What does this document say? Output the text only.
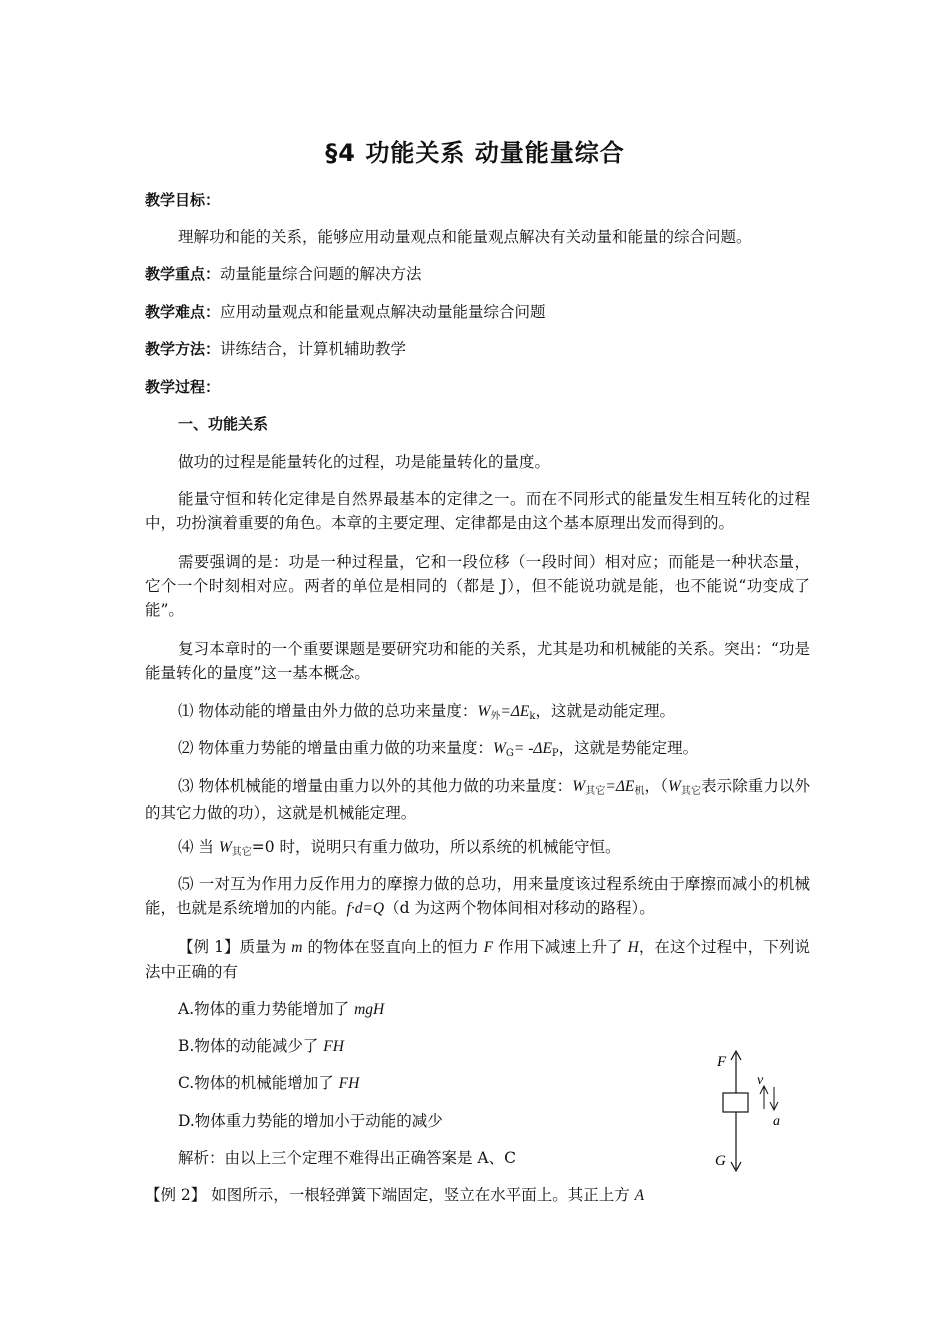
§4 功能关系 动量能量综合
教学目标：
理解功和能的关系，能够应用动量观点和能量观点解决有关动量和能量的综合问题。
教学重点：动量能量综合问题的解决方法
教学难点：应用动量观点和能量观点解决动量能量综合问题
教学方法：讲练结合，计算机辅助教学
教学过程：
一、功能关系
做功的过程是能量转化的过程，功是能量转化的量度。
能量守恒和转化定律是自然界最基本的定律之一。而在不同形式的能量发生相互转化的过程中，功扮演着重要的角色。本章的主要定理、定律都是由这个基本原理出发而得到的。
需要强调的是：功是一种过程量，它和一段位移（一段时间）相对应；而能是一种状态量，它个一个时刻相对应。两者的单位是相同的（都是 J），但不能说功就是能，也不能说“功变成了能”。
复习本章时的一个重要课题是要研究功和能的关系，尤其是功和机械能的关系。突出：“功是能量转化的量度”这一基本概念。
⑴ 物体动能的增量由外力做的总功来量度：W外=ΔEk，这就是动能定理。
⑵ 物体重力势能的增量由重力做的功来量度：WG= -ΔEP，这就是势能定理。
⑶ 物体机械能的增量由重力以外的其他力做的功来量度：W其它=ΔE机，（W其它表示除重力以外的其它力做的功），这就是机械能定理。
⑷ 当 W其它=0 时，说明只有重力做功，所以系统的机械能守恒。
⑸ 一对互为作用力反作用力的摩擦力做的总功，用来量度该过程系统由于摩擦而减小的机械能，也就是系统增加的内能。f·d=Q（d 为这两个物体间相对移动的路程）。
【例 1】质量为 m 的物体在竖直向上的恒力 F 作用下减速上升了 H，在这个过程中，下列说法中正确的有
A.物体的重力势能增加了 mgH
B.物体的动能减少了 FH
C.物体的机械能增加了 FH
D.物体重力势能的增加小于动能的减少
解析：由以上三个定理不难得出正确答案是 A、C
【例 2】 如图所示，一根轻弹簧下端固定，竖立在水平面上。其正上方 A
F
v
a
G
